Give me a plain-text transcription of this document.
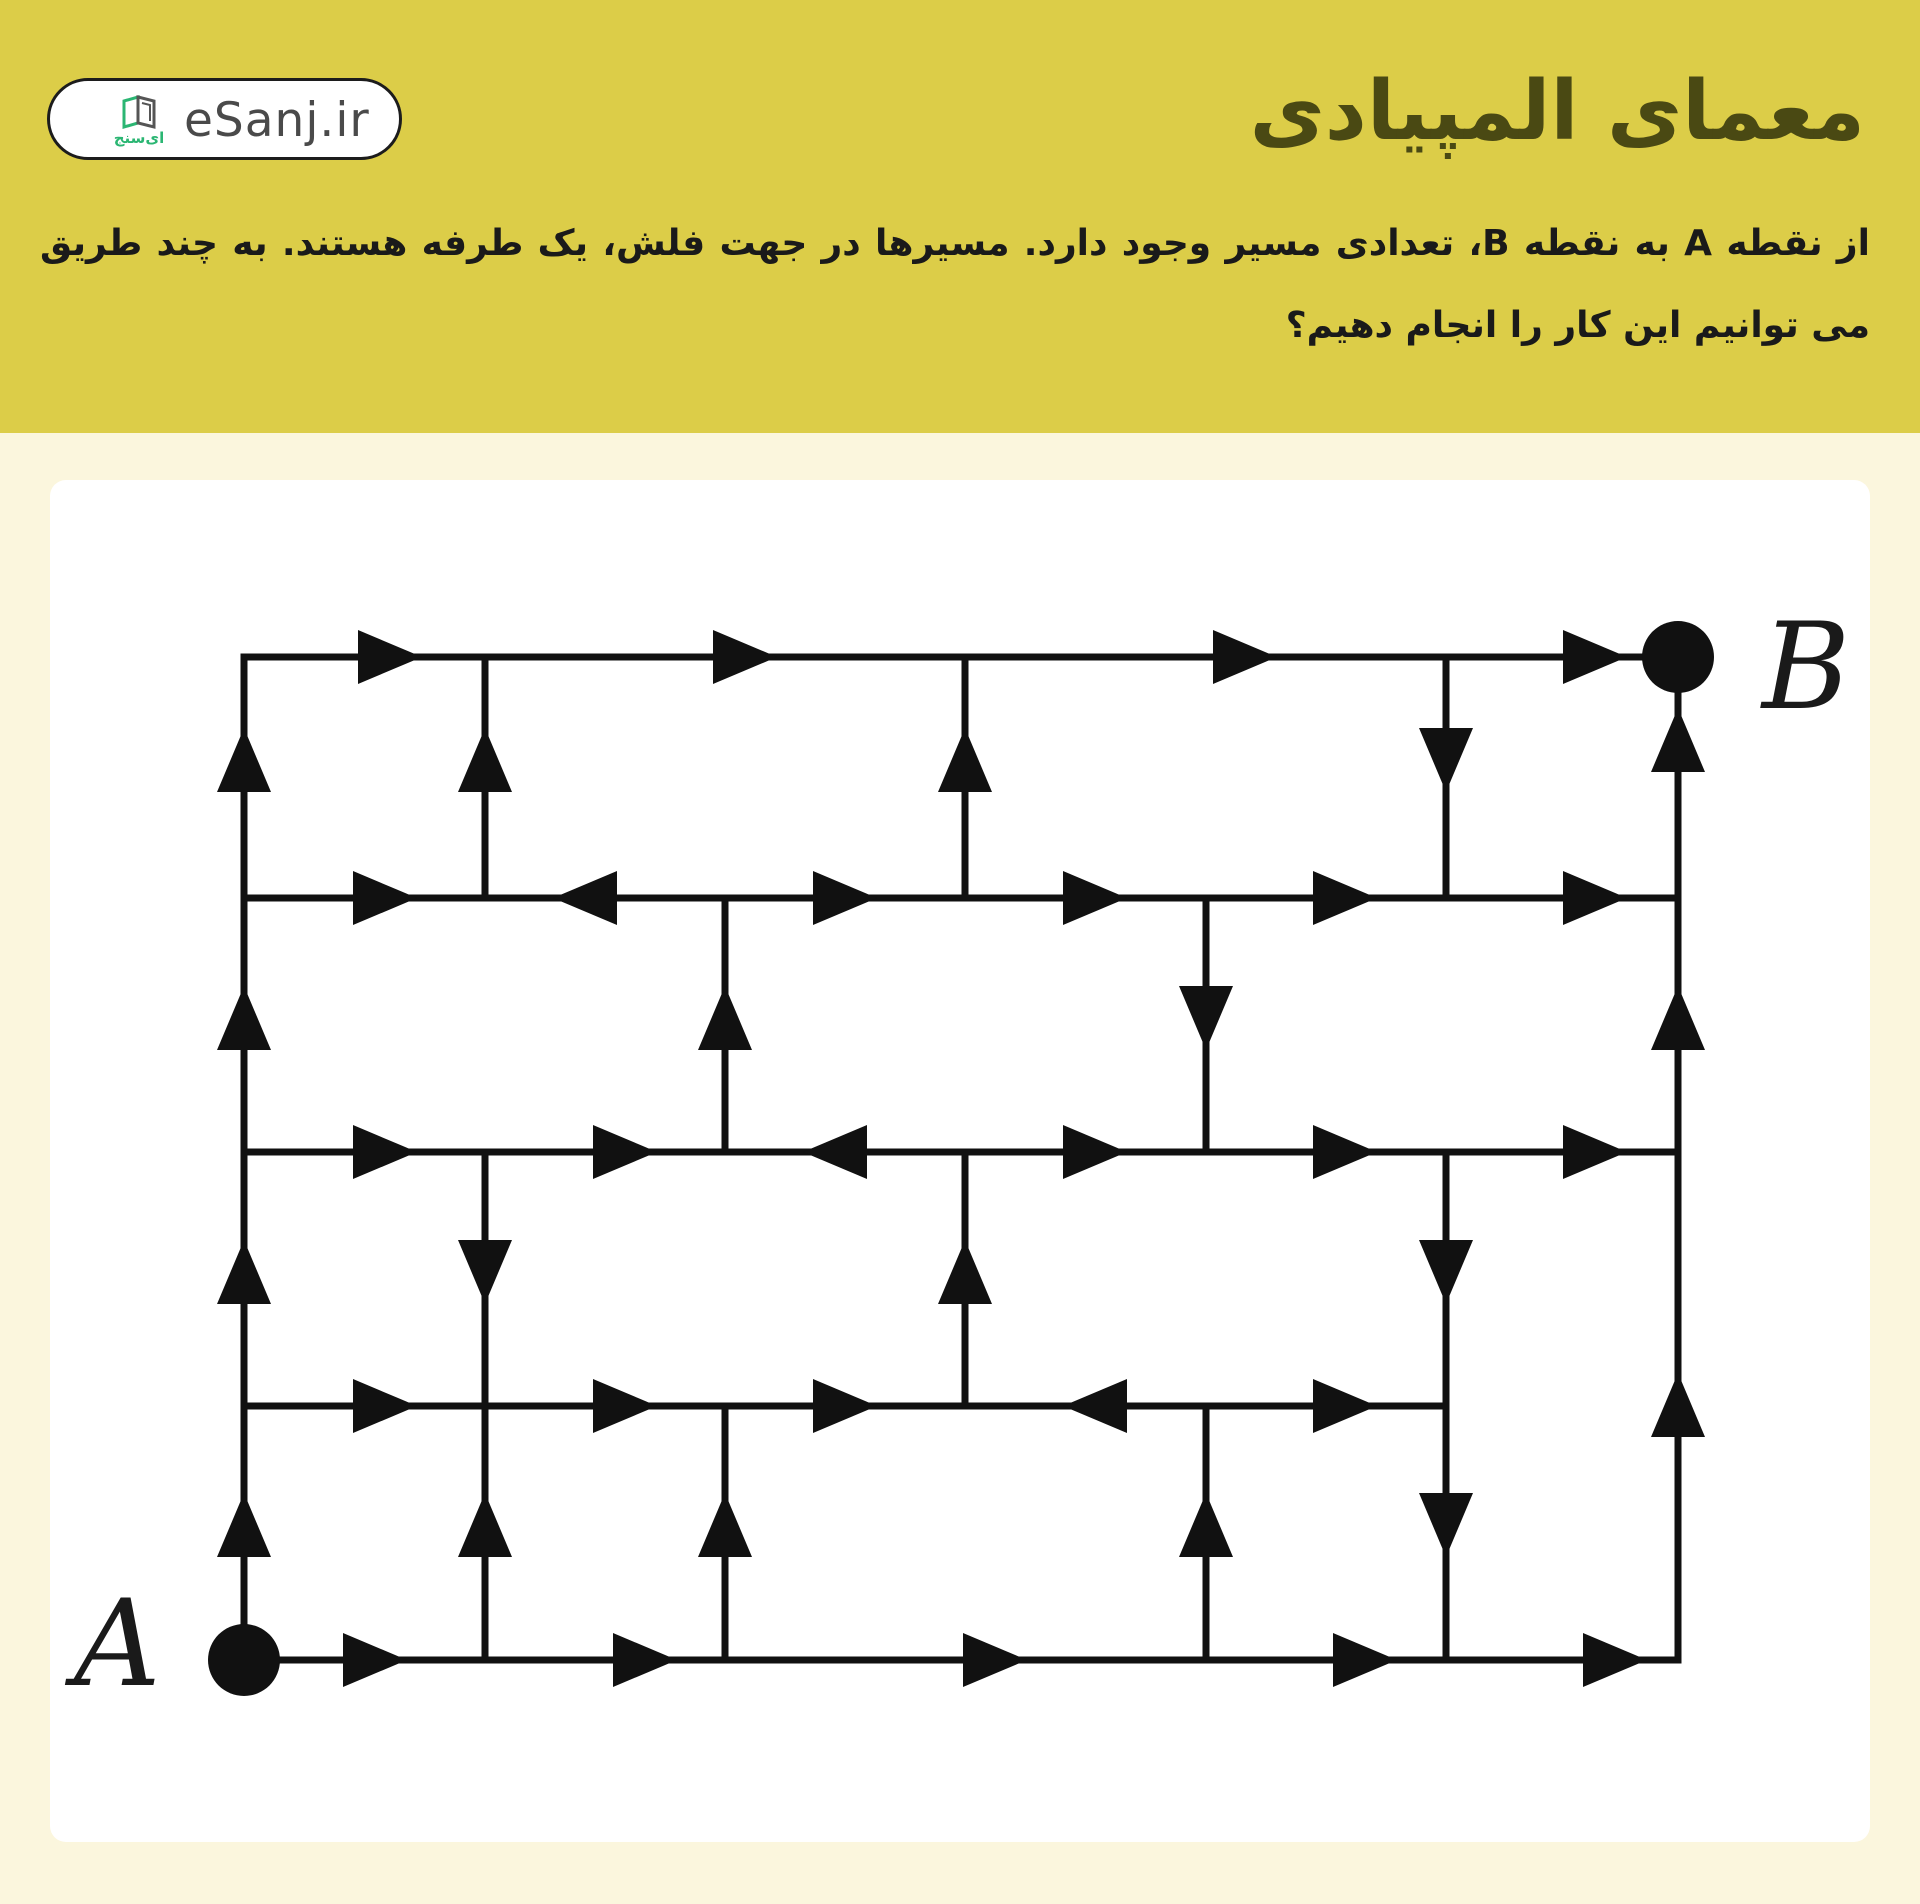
ای‌سنج eSanj.ir	معمای المپیادی
از نقطه A به نقطه B، تعدادی مسیر وجود دارد. مسیرها در جهت فلش، یک طرفه هستند. به چند طریق می توانیم این کار را انجام دهیم؟
A
B
